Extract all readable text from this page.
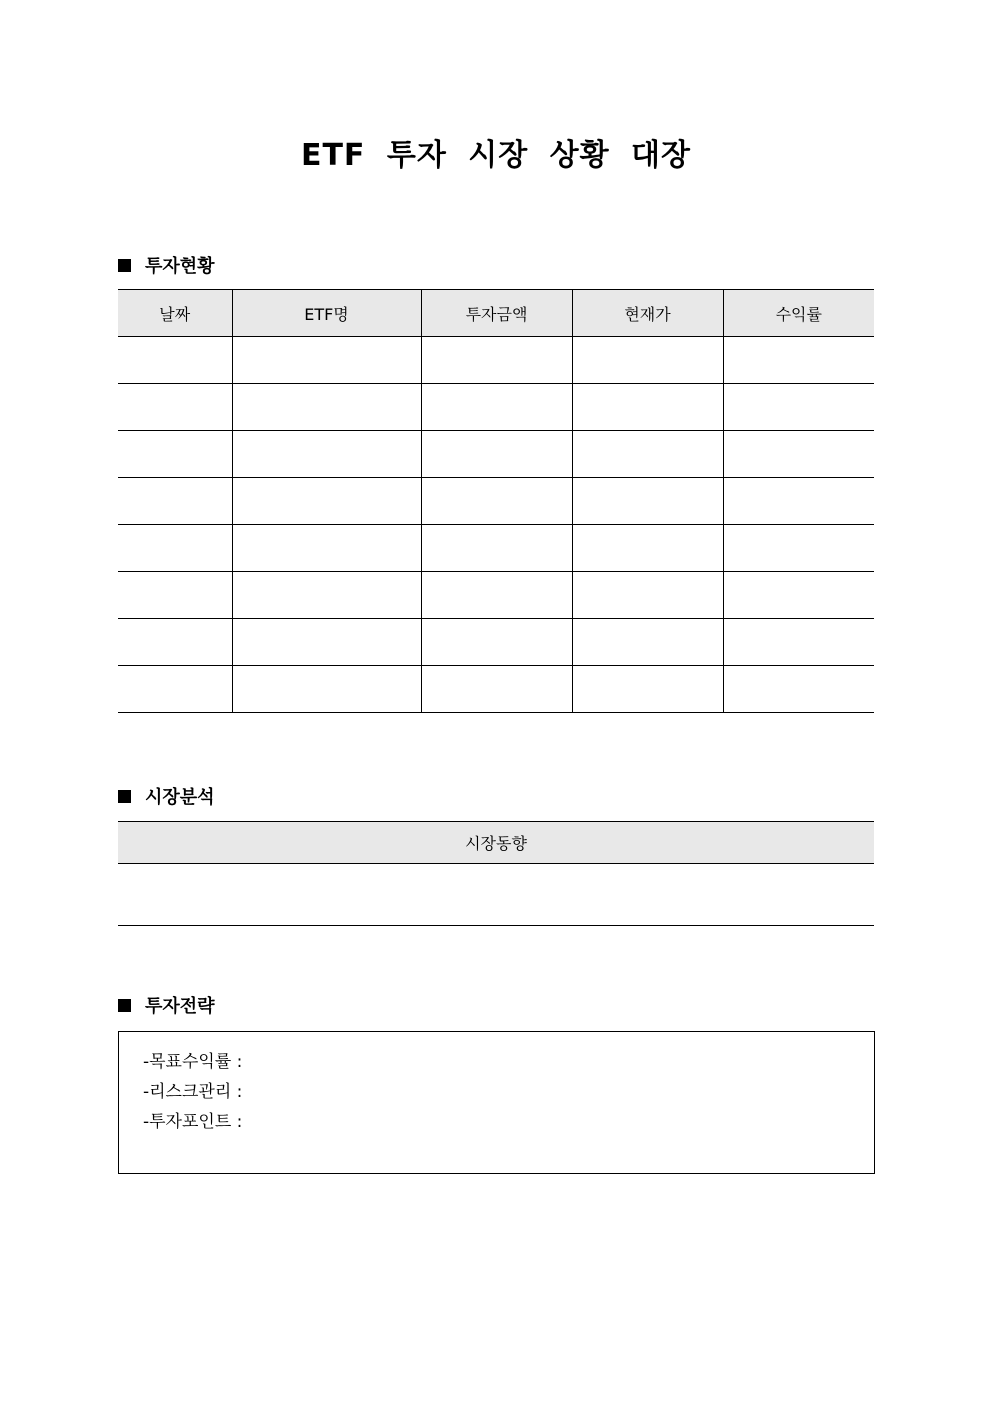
ETF 투자 시장 상황 대장
투자현황
날짜	ETF명	투자금액	현재가	수익률

시장분석
시장동향
투자전략
-목표수익률 :
-리스크관리 :
-투자포인트 :
